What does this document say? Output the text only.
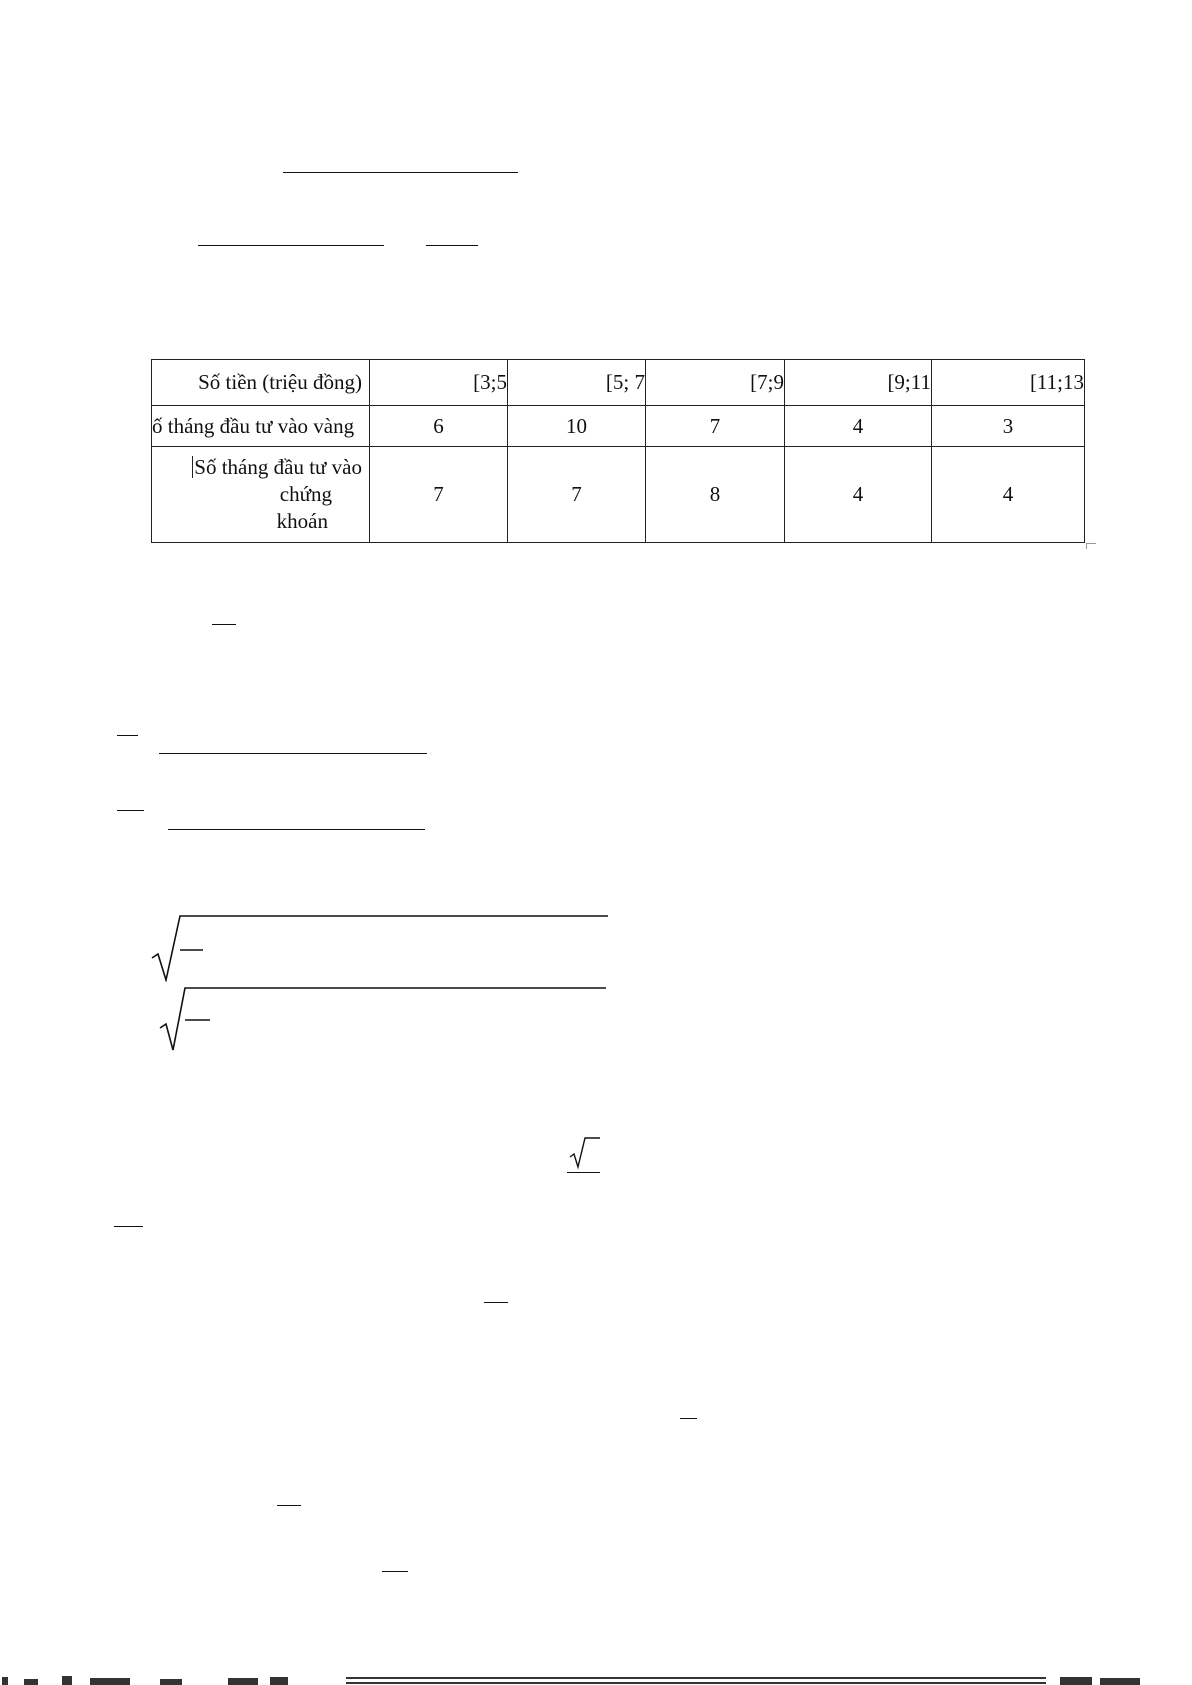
Số tiền (triệu đồng)	[3;5	[5; 7	[7;9	[9;11	[11;13
ố tháng đầu tư vào vàng	6	10	7	4	3

Số tháng đầu tư vào
chứng
khoán	7	7	8	4	4
